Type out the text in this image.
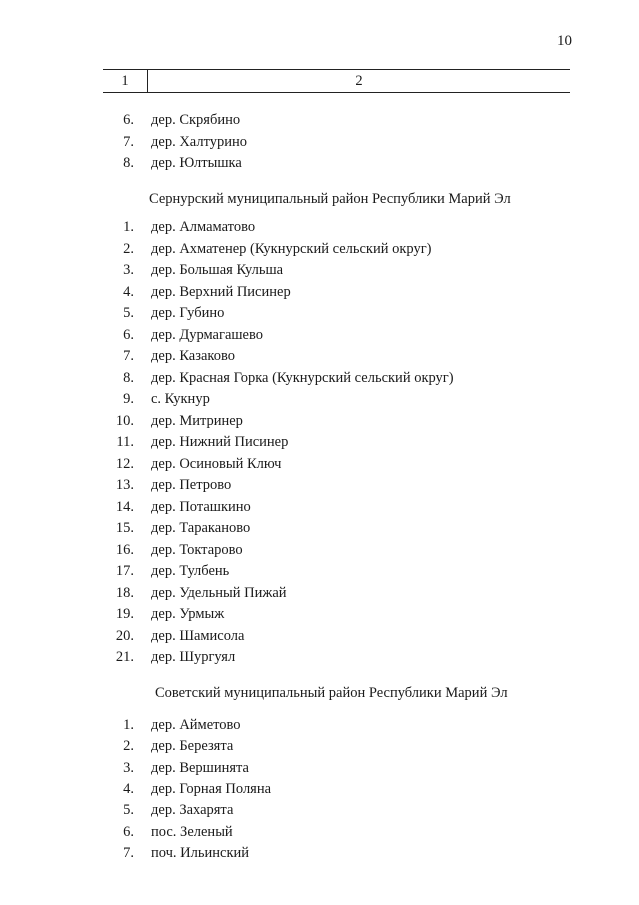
10
1	2
6. дер. Скрябино
7. дер. Халтурино
8. дер. Юлтышка
Сернурский муниципальный район Республики Марий Эл
1. дер. Алмаматово
2. дер. Ахматенер (Кукнурский сельский округ)
3. дер. Большая Кульша
4. дер. Верхний Писинер
5. дер. Губино
6. дер. Дурмагашево
7. дер. Казаково
8. дер. Красная Горка (Кукнурский сельский округ)
9. с. Кукнур
10. дер. Митринер
11. дер. Нижний Писинер
12. дер. Осиновый Ключ
13. дер. Петрово
14. дер. Поташкино
15. дер. Тараканово
16. дер. Токтарово
17. дер. Тулбень
18. дер. Удельный Пижай
19. дер. Урмыж
20. дер. Шамисола
21. дер. Шургуял
Советский муниципальный район Республики Марий Эл
1. дер. Айметово
2. дер. Березята
3. дер. Вершинята
4. дер. Горная Поляна
5. дер. Захарята
6. пос. Зеленый
7. поч. Ильинский
